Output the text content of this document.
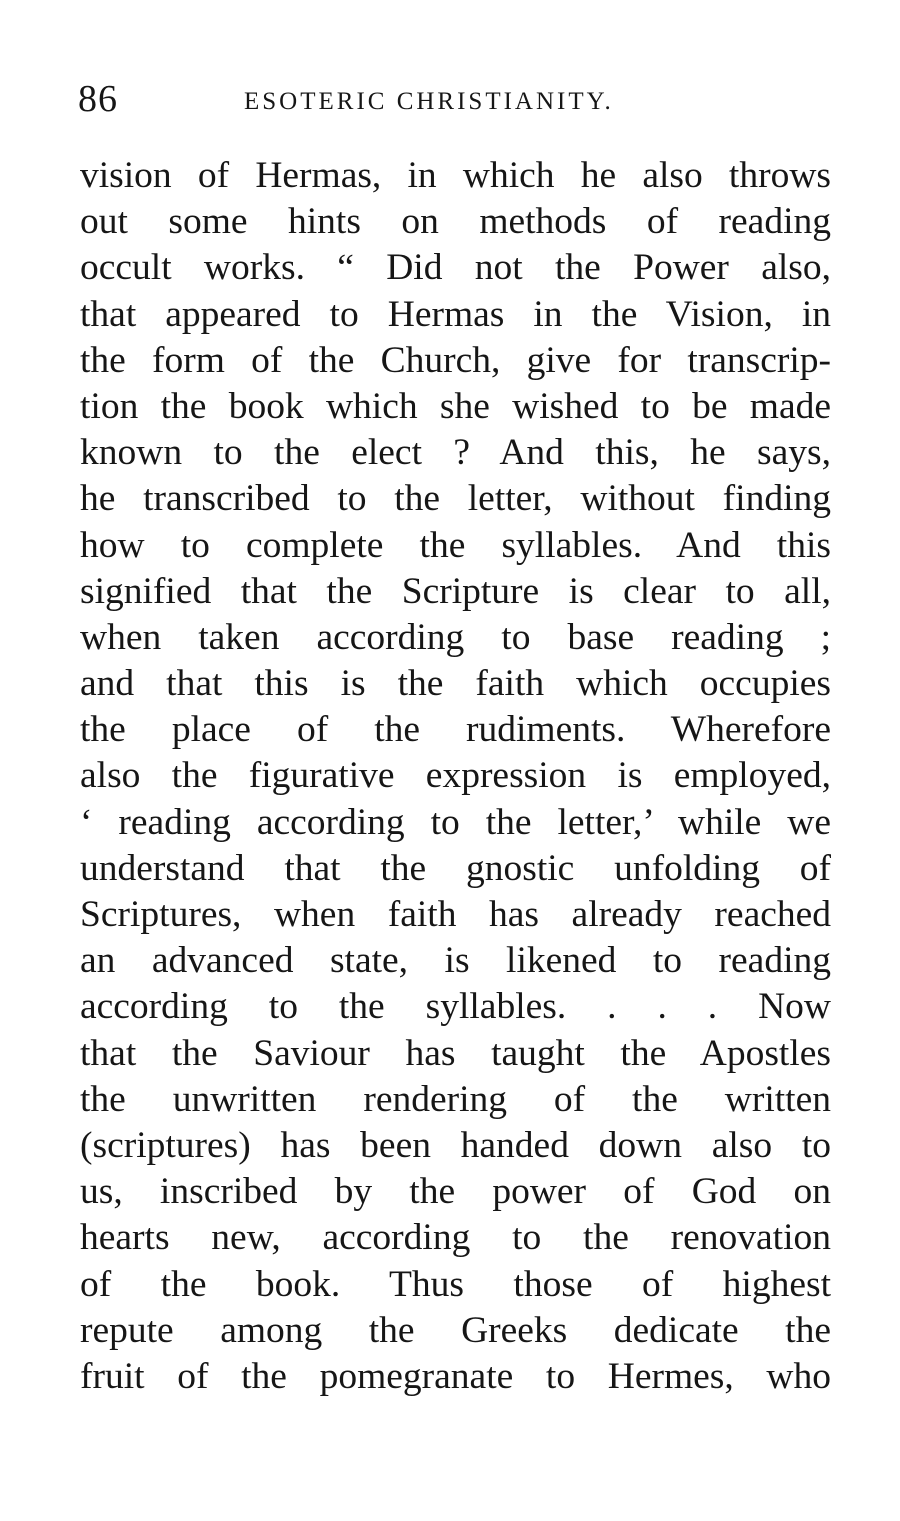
86	ESOTERIC CHRISTIANITY.
vision of Hermas, in which he also throws
out some hints on methods of reading
occult works. “ Did not the Power also,
that appeared to Hermas in the Vision, in
the form of the Church, give for transcrip-
tion the book which she wished to be made
known to the elect ? And this, he says,
he transcribed to the letter, without finding
how to complete the syllables. And this
signified that the Scripture is clear to all,
when taken according to base reading ;
and that this is the faith which occupies
the place of the rudiments. Wherefore
also the figurative expression is employed,
‘ reading according to the letter,’ while we
understand that the gnostic unfolding of
Scriptures, when faith has already reached
an advanced state, is likened to reading
according to the syllables. . . . Now
that the Saviour has taught the Apostles
the unwritten rendering of the written
(scriptures) has been handed down also to
us, inscribed by the power of God on
hearts new, according to the renovation
of the book. Thus those of highest
repute among the Greeks dedicate the
fruit of the pomegranate to Hermes, who
